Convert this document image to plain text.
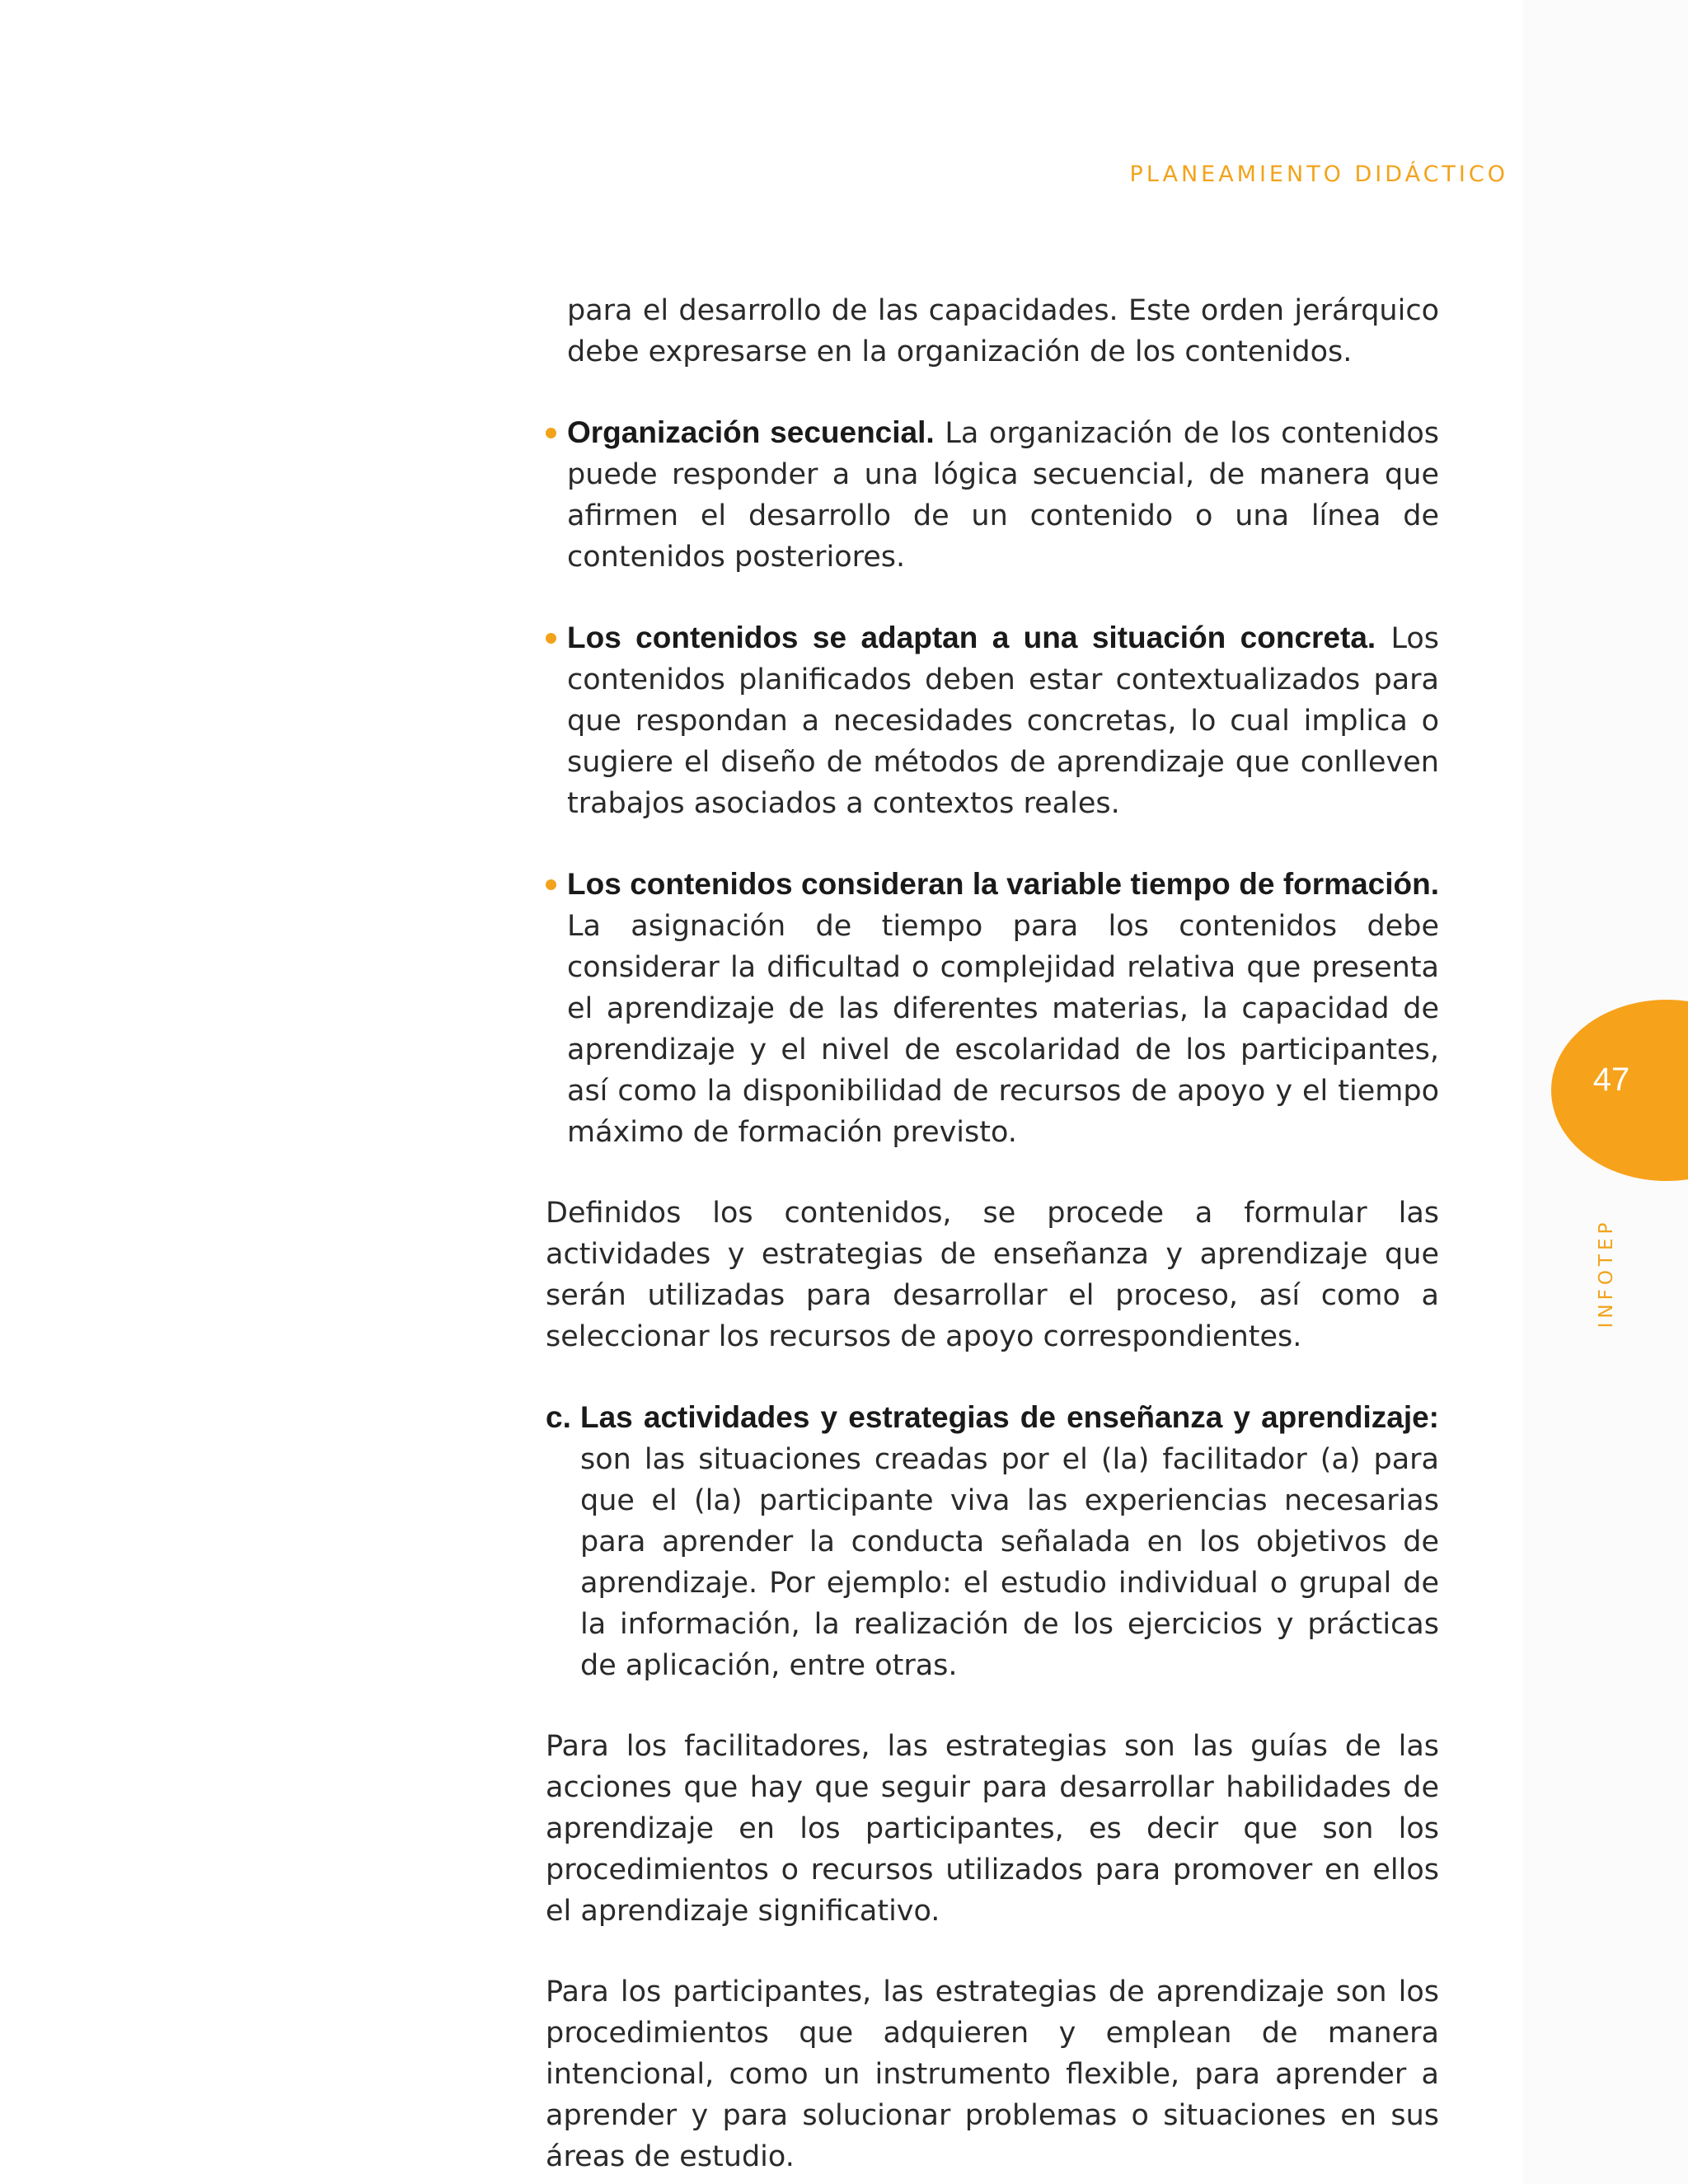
PLANEAMIENTO DIDÁCTICO

para el desarrollo de las capacidades. Este orden jerárquico debe expresarse en la organización de los contenidos.

Organización secuencial. La organización de los contenidos puede responder a una lógica secuencial, de manera que afirmen el desarrollo de un contenido o una línea de contenidos posteriores.

Los contenidos se adaptan a una situación concreta. Los contenidos planificados deben estar contextualizados para que respondan a necesidades concretas, lo cual implica o sugiere el diseño de métodos de aprendizaje que conlleven trabajos asociados a contextos reales.

Los contenidos consideran la variable tiempo de formación. La asignación de tiempo para los contenidos debe considerar la dificultad o complejidad relativa que presenta el aprendizaje de las diferentes materias, la capacidad de aprendizaje y el nivel de escolaridad de los participantes, así como la disponibilidad de recursos de apoyo y el tiempo máximo de formación previsto.

Definidos los contenidos, se procede a formular las actividades y estrategias de enseñanza y aprendizaje que serán utilizadas para desarrollar el proceso, así como a seleccionar los recursos de apoyo correspondientes.

c. Las actividades y estrategias de enseñanza y aprendizaje: son las situaciones creadas por el (la) facilitador (a) para que el (la) participante viva las experiencias necesarias para aprender la conducta señalada en los objetivos de aprendizaje. Por ejemplo: el estudio individual o grupal de la información, la realización de los ejercicios y prácticas de aplicación, entre otras.

Para los facilitadores, las estrategias son las guías de las acciones que hay que seguir para desarrollar habilidades de aprendizaje en los participantes, es decir que son los procedimientos o recursos utilizados para promover en ellos el aprendizaje significativo.

Para los participantes, las estrategias de aprendizaje son los procedimientos que adquieren y emplean de manera intencional, como un instrumento flexible, para aprender a aprender y para solucionar problemas o situaciones en sus áreas de estudio.

47
INFOTEP
